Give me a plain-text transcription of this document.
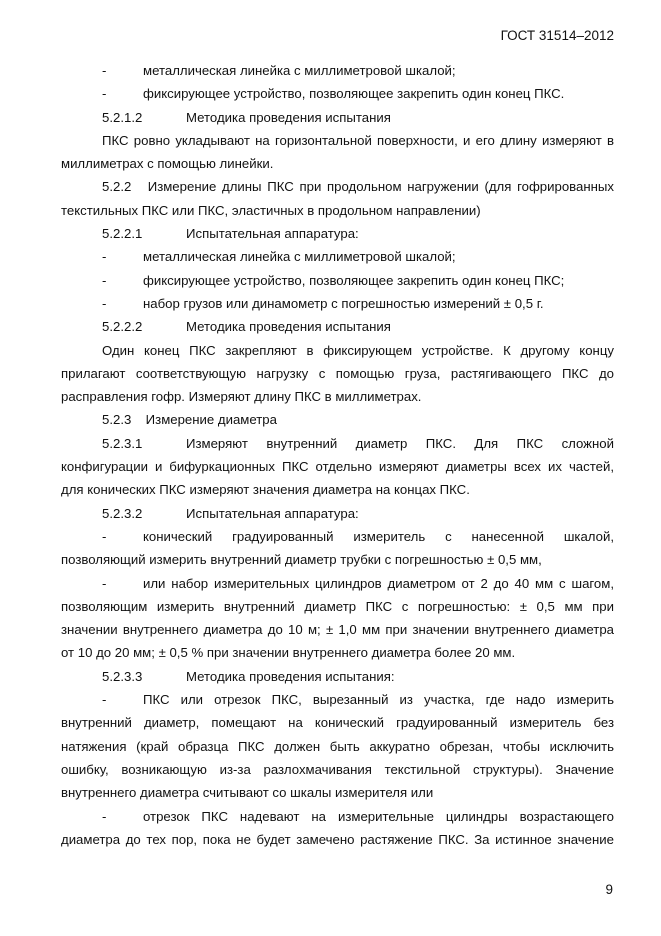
ГОСТ 31514–2012
-	металлическая линейка с миллиметровой шкалой;
-	фиксирующее устройство, позволяющее закрепить один конец ПКС.
5.2.1.2	Методика проведения испытания
ПКС ровно укладывают на горизонтальной поверхности, и его длину измеряют в
миллиметрах с помощью линейки.
5.2.2 Измерение длины ПКС при продольном нагружении (для гофрированных
текстильных ПКС или ПКС, эластичных в продольном направлении)
5.2.2.1	Испытательная аппаратура:
-	металлическая линейка с миллиметровой шкалой;
-	фиксирующее устройство, позволяющее закрепить один конец ПКС;
-	набор грузов или динамометр с погрешностью измерений ± 0,5 г.
5.2.2.2	Методика проведения испытания
Один конец ПКС закрепляют в фиксирующем устройстве. К другому концу
прилагают соответствующую нагрузку с помощью груза, растягивающего ПКС до
расправления гофр. Измеряют длину ПКС в миллиметрах.
5.2.3 Измерение диаметра
5.2.3.1	Измеряют внутренний диаметр ПКС. Для ПКС сложной
конфигурации и бифуркационных ПКС отдельно измеряют диаметры всех их частей,
для конических ПКС измеряют значения диаметра на концах ПКС.
5.2.3.2	Испытательная аппаратура:
-	конический градуированный измеритель с нанесенной шкалой,
позволяющий измерить внутренний диаметр трубки с погрешностью ± 0,5 мм,
-	или набор измерительных цилиндров диаметром от 2 до 40 мм с шагом,
позволяющим измерить внутренний диаметр ПКС с погрешностью: ± 0,5 мм при
значении внутреннего диаметра до 10 м; ± 1,0 мм при значении внутреннего диаметра
от 10 до 20 мм; ± 0,5 % при значении внутреннего диаметра более 20 мм.
5.2.3.3	Методика проведения испытания:
-	ПКС или отрезок ПКС, вырезанный из участка, где надо измерить
внутренний диаметр, помещают на конический градуированный измеритель без
натяжения (край образца ПКС должен быть аккуратно обрезан, чтобы исключить
ошибку, возникающую из-за разлохмачивания текстильной структуры). Значение
внутреннего диаметра считывают со шкалы измерителя или
-	отрезок ПКС надевают на измерительные цилиндры возрастающего
диаметра до тех пор, пока не будет замечено растяжение ПКС. За истинное значение
9
